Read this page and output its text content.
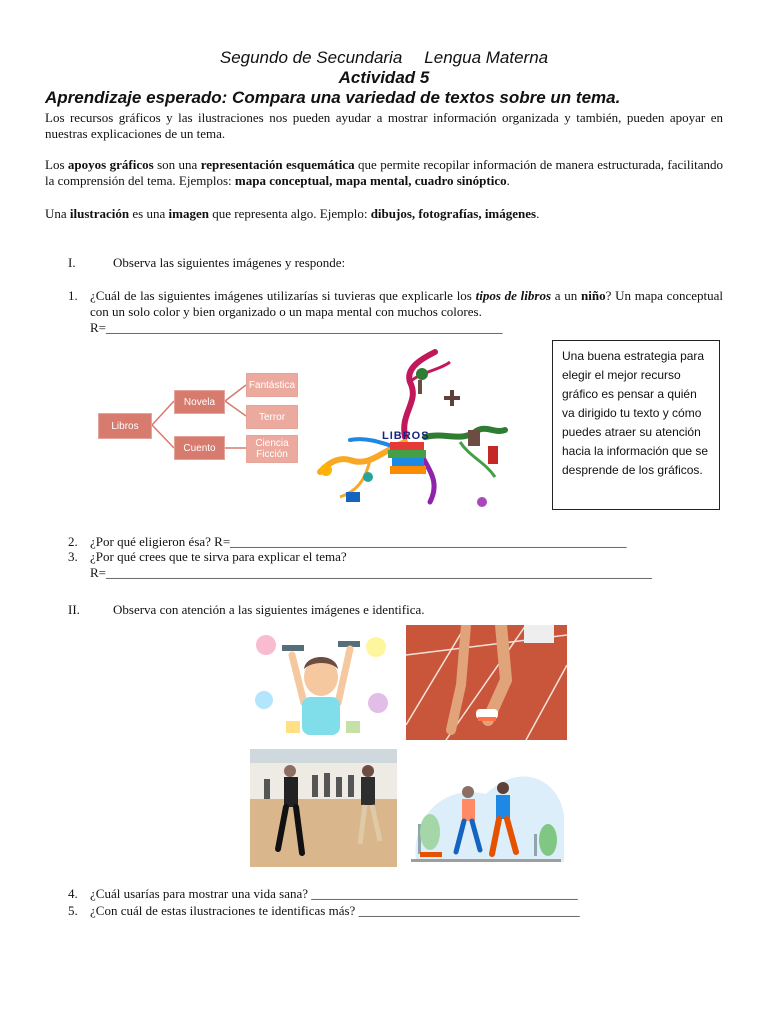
Segundo de Secundaria Lengua Materna
Actividad 5
Aprendizaje esperado: Compara una variedad de textos sobre un tema.
Los recursos gráficos y las ilustraciones nos pueden ayudar a mostrar información organizada y también, pueden apoyar en nuestras explicaciones de un tema.
Los apoyos gráficos son una representación esquemática que permite recopilar información de manera estructurada, facilitando la comprensión del tema. Ejemplos: mapa conceptual, mapa mental, cuadro sinóptico.
Una ilustración es una imagen que representa algo. Ejemplo: dibujos, fotografías, imágenes.
I.	Observa las siguientes imágenes y responde:
1. ¿Cuál de las siguientes imágenes utilizarías si tuvieras que explicarle los tipos de libros a un niño? Un mapa conceptual con un solo color y bien organizado o un mapa mental con muchos colores.
R=_____________________________________________________________
Libros
Novela
Cuento
Fantástica
Terror
Ciencia Ficción
LIBROS
Una buena estrategia para elegir el mejor recurso gráfico es pensar a quién va dirigido tu texto y cómo puedes atraer su atención hacia la información que se desprende de los gráficos.
2. ¿Por qué eligieron ésa? R=_____________________________________________________________
3. ¿Por qué crees que te sirva para explicar el tema?
R=____________________________________________________________________________________
II.	Observa con atención a las siguientes imágenes e identifica.
4. ¿Cuál usarías para mostrar una vida sana? _________________________________________
5. ¿Con cuál de estas ilustraciones te identificas más? __________________________________
